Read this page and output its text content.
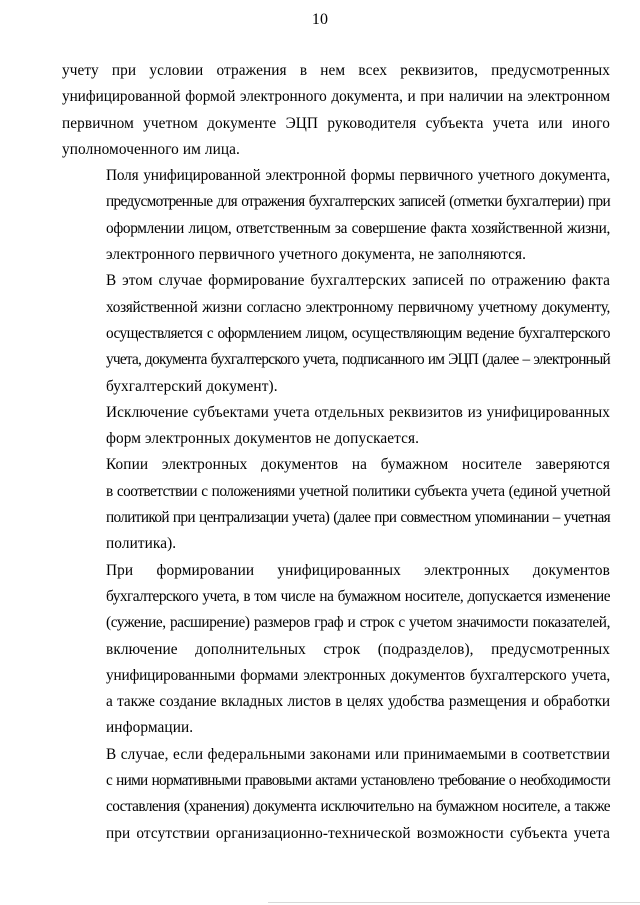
10

учету при условии отражения в нем всех реквизитов, предусмотренных
унифицированной формой электронного документа, и при наличии на электронном
первичном учетном документе ЭЦП руководителя субъекта учета или иного
уполномоченного им лица.

Поля унифицированной электронной формы первичного учетного документа,
предусмотренные для отражения бухгалтерских записей (отметки бухгалтерии) при
оформлении лицом, ответственным за совершение факта хозяйственной жизни,
электронного первичного учетного документа, не заполняются.

В этом случае формирование бухгалтерских записей по отражению факта
хозяйственной жизни согласно электронному первичному учетному документу,
осуществляется с оформлением лицом, осуществляющим ведение бухгалтерского
учета, документа бухгалтерского учета, подписанного им ЭЦП (далее – электронный
бухгалтерский документ).

Исключение субъектами учета отдельных реквизитов из унифицированных
форм электронных документов не допускается.

Копии электронных документов на бумажном носителе заверяются
в соответствии с положениями учетной политики субъекта учета (единой учетной
политикой при централизации учета) (далее при совместном упоминании – учетная
политика).

При формировании унифицированных электронных документов
бухгалтерского учета, в том числе на бумажном носителе, допускается изменение
(сужение, расширение) размеров граф и строк с учетом значимости показателей,
включение дополнительных строк (подразделов), предусмотренных
унифицированными формами электронных документов бухгалтерского учета,
а также создание вкладных листов в целях удобства размещения и обработки
информации.

В случае, если федеральными законами или принимаемыми в соответствии
с ними нормативными правовыми актами установлено требование о необходимости
составления (хранения) документа исключительно на бумажном носителе, а также
при отсутствии организационно-технической возможности субъекта учета
